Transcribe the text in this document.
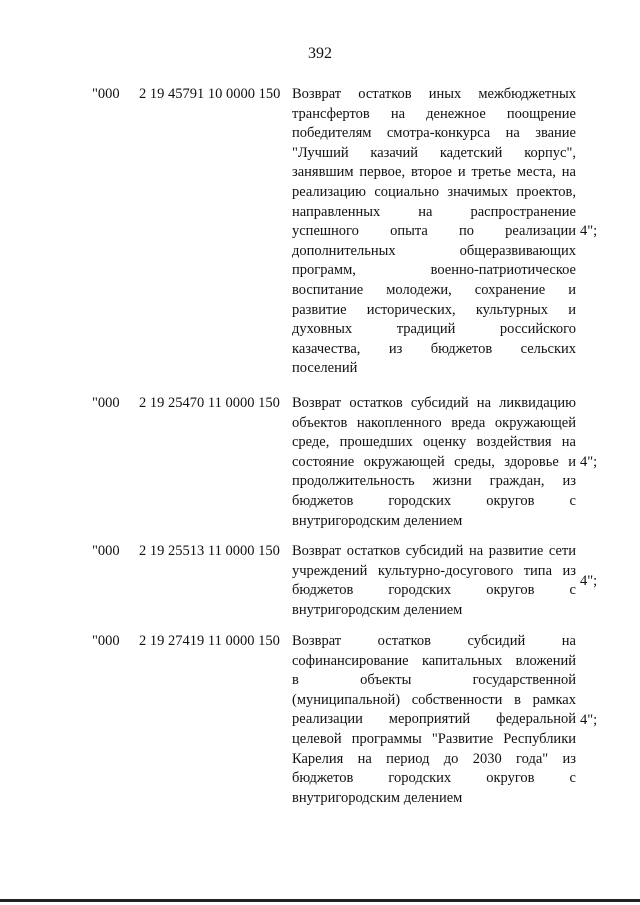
392
"000 2 19 45791 10 0000 150 Возврат остатков иных межбюджетных
трансфертов на денежное поощрение
победителям смотра-конкурса на звание
"Лучший казачий кадетский корпус",
занявшим первое, второе и третье места, на
реализацию социально значимых проектов,
направленных на распространение
успешного опыта по реализации
дополнительных общеразвивающих
программ, военно-патриотическое
воспитание молодежи, сохранение и
развитие исторических, культурных и
духовных традиций российского
казачества, из бюджетов сельских
поселений
4";
"000 2 19 25470 11 0000 150 Возврат остатков субсидий на ликвидацию
объектов накопленного вреда окружающей
среде, прошедших оценку воздействия на
состояние окружающей среды, здоровье и
продолжительность жизни граждан, из
бюджетов городских округов с
внутригородским делением
4";
"000 2 19 25513 11 0000 150 Возврат остатков субсидий на развитие сети
учреждений культурно-досугового типа из
бюджетов городских округов с
внутригородским делением
4";
"000 2 19 27419 11 0000 150 Возврат остатков субсидий на
софинансирование капитальных вложений
в объекты государственной
(муниципальной) собственности в рамках
реализации мероприятий федеральной
целевой программы "Развитие Республики
Карелия на период до 2030 года" из
бюджетов городских округов с
внутригородским делением
4";
